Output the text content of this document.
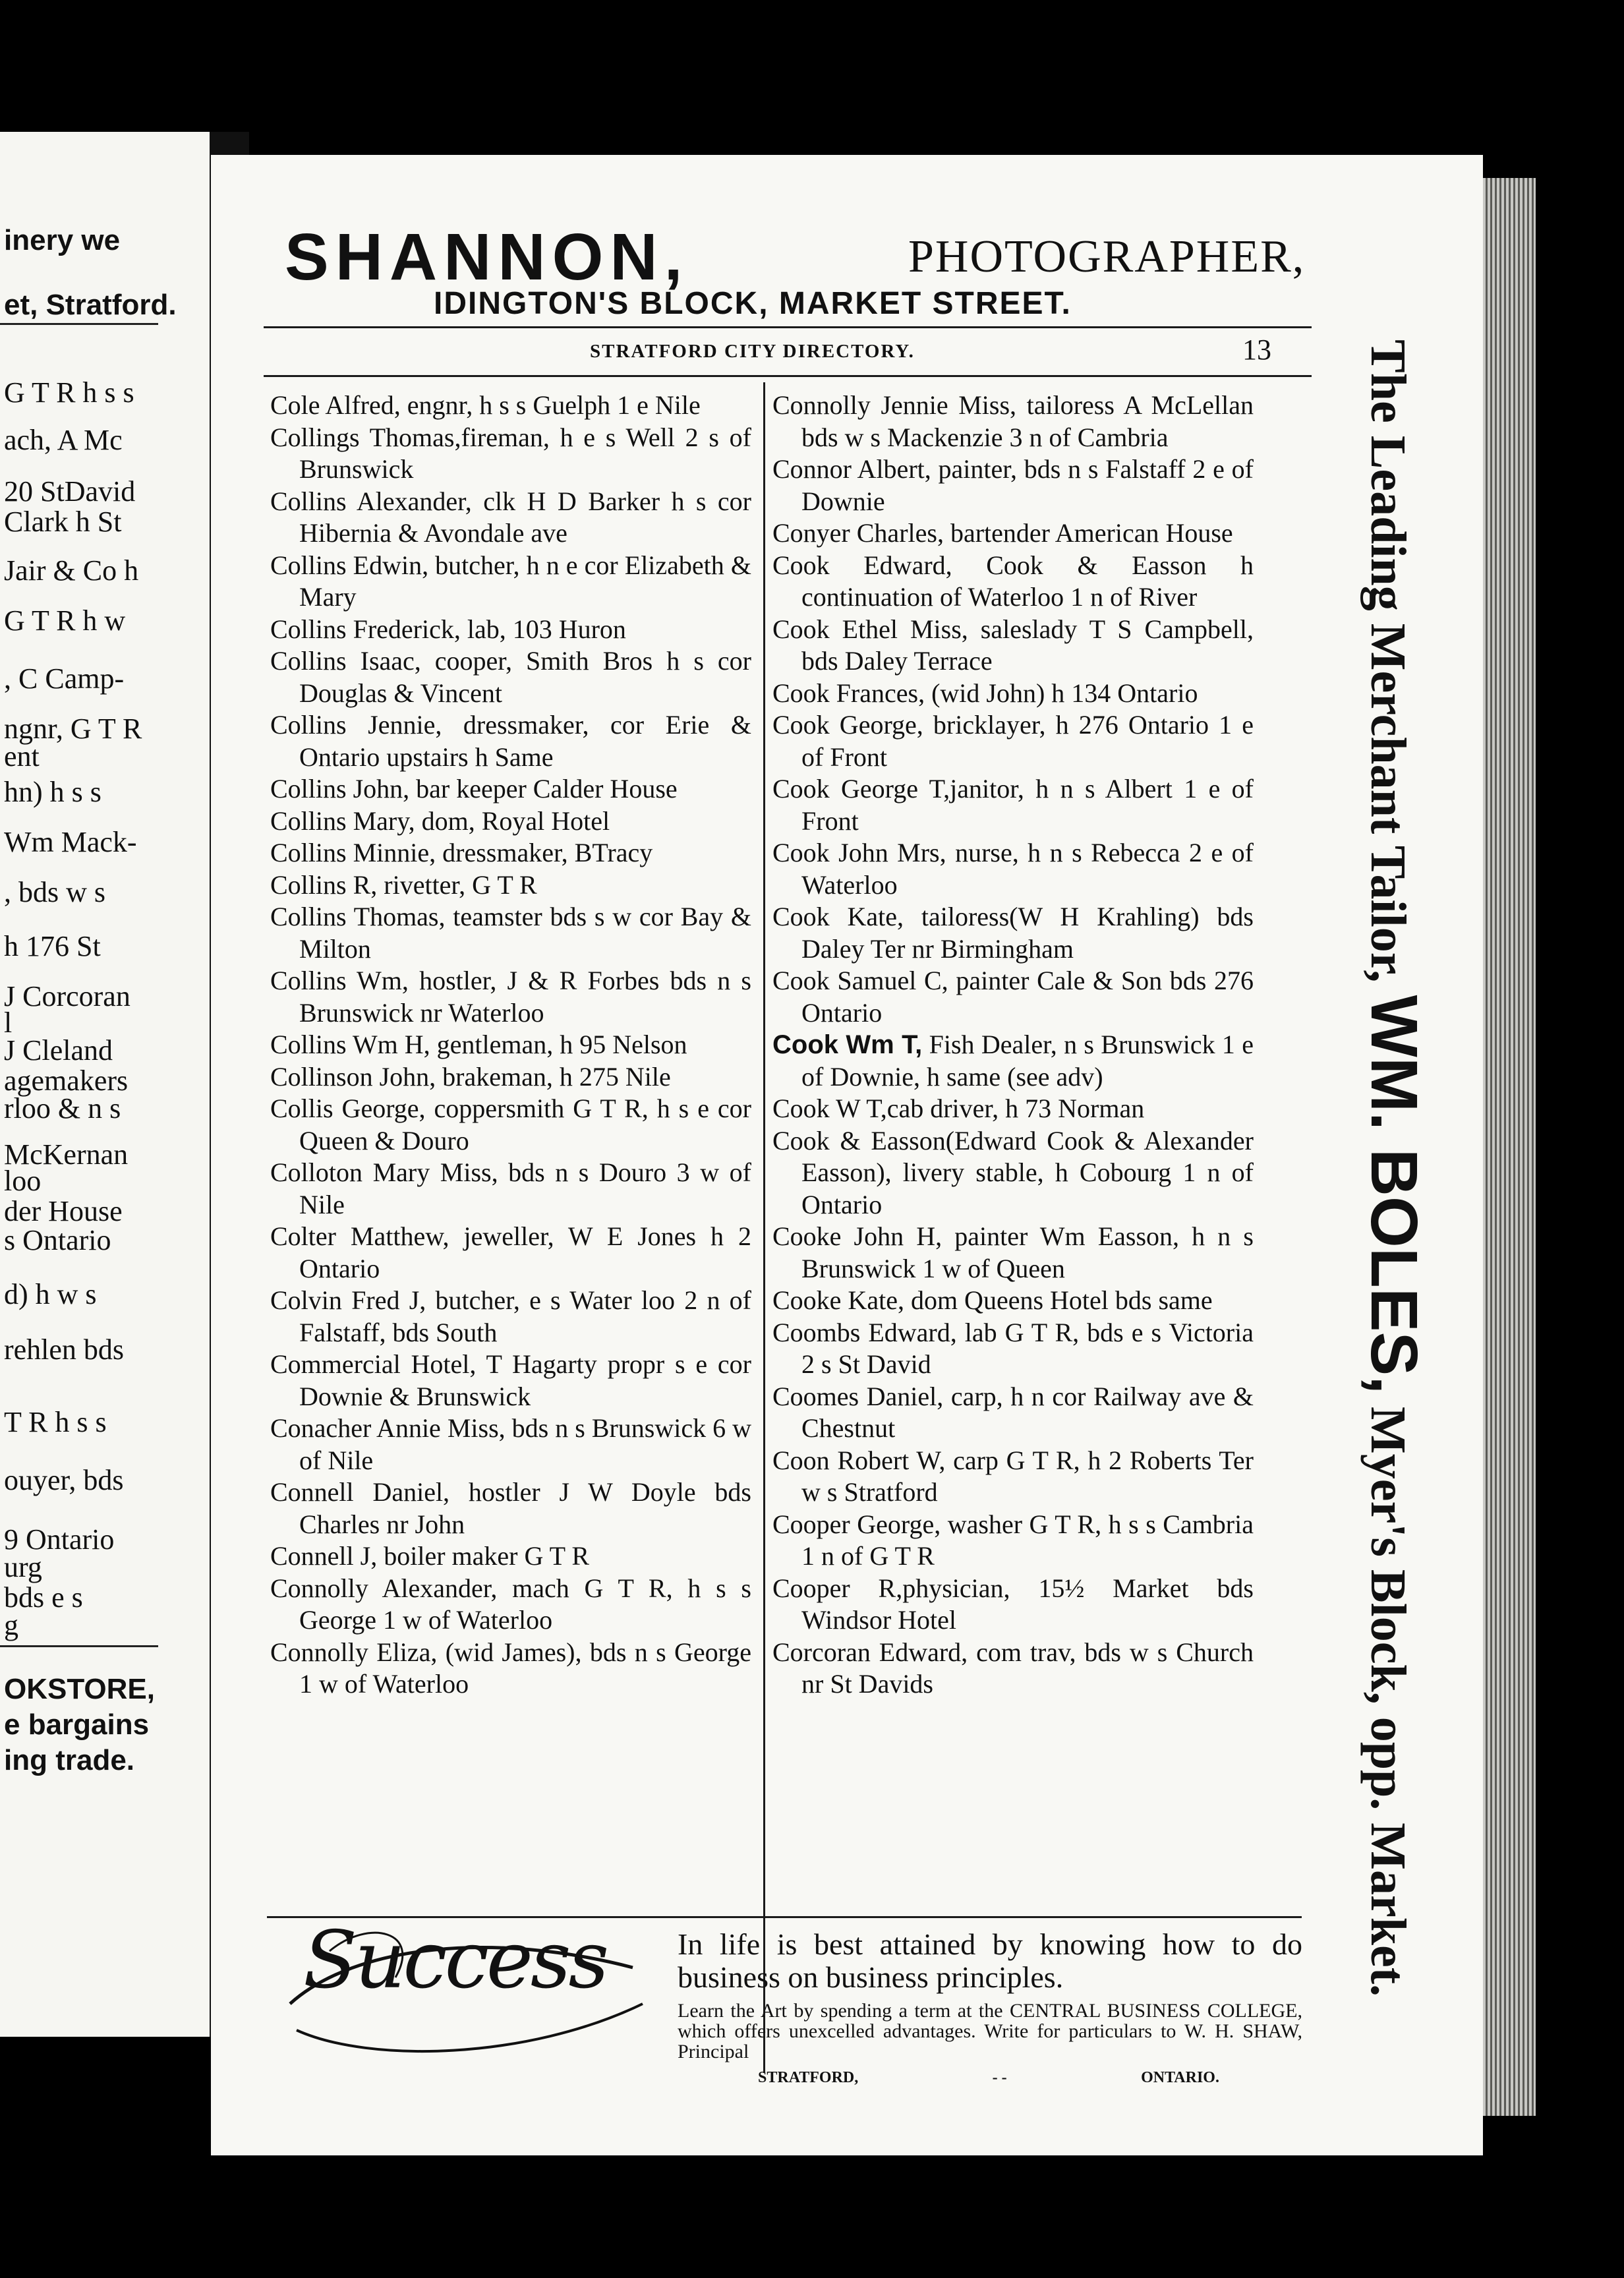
inery we
et, Stratford.
G T R h s s
ach, A Mc
20 StDavid
Clark h St
Jair & Co h
G T R h w
, C Camp-
ngnr, G T R
ent
hn) h s s
Wm Mack-
, bds w s
h 176 St
J Corcoran
l
J Cleland
agemakers
rloo & n s
McKernan
loo
der House
s Ontario
d) h w s
rehlen bds
T R h s s
ouyer, bds
9 Ontario
urg
bds e s
g
OKSTORE,
e bargains
ing trade.
SHANNON,	PHOTOGRAPHER,
IDINGTON'S BLOCK, MARKET STREET.
STRATFORD CITY DIRECTORY.	13
Cole Alfred, engnr, h s s Guelph 1 e Nile
Collings Thomas,fireman, h e s Well 2 s of Brunswick
Collins Alexander, clk H D Barker h s cor Hibernia & Avondale ave
Collins Edwin, butcher, h n e cor Elizabeth & Mary
Collins Frederick, lab, 103 Huron
Collins Isaac, cooper, Smith Bros h s cor Douglas & Vincent
Collins Jennie, dressmaker, cor Erie & Ontario upstairs h Same
Collins John, bar keeper Calder House
Collins Mary, dom, Royal Hotel
Collins Minnie, dressmaker, BTracy
Collins R, rivetter, G T R
Collins Thomas, teamster bds s w cor Bay & Milton
Collins Wm, hostler, J & R Forbes bds n s Brunswick nr Waterloo
Collins Wm H, gentleman, h 95 Nelson
Collinson John, brakeman, h 275 Nile
Collis George, coppersmith G T R, h s e cor Queen & Douro
Colloton Mary Miss, bds n s Douro 3 w of Nile
Colter Matthew, jeweller, W E Jones h 2 Ontario
Colvin Fred J, butcher, e s Water loo 2 n of Falstaff, bds South
Commercial Hotel, T Hagarty propr s e cor Downie & Brunswick
Conacher Annie Miss, bds n s Brunswick 6 w of Nile
Connell Daniel, hostler J W Doyle bds Charles nr John
Connell J, boiler maker G T R
Connolly Alexander, mach G T R, h s s George 1 w of Waterloo
Connolly Eliza, (wid James), bds n s George 1 w of Waterloo
Connolly Jennie Miss, tailoress A McLellan bds w s Mackenzie 3 n of Cambria
Connor Albert, painter, bds n s Falstaff 2 e of Downie
Conyer Charles, bartender American House
Cook Edward, Cook & Easson h continuation of Waterloo 1 n of River
Cook Ethel Miss, saleslady T S Campbell, bds Daley Terrace
Cook Frances, (wid John) h 134 Ontario
Cook George, bricklayer, h 276 Ontario 1 e of Front
Cook George T,janitor, h n s Albert 1 e of Front
Cook John Mrs, nurse, h n s Rebecca 2 e of Waterloo
Cook Kate, tailoress(W H Krahling) bds Daley Ter nr Birmingham
Cook Samuel C, painter Cale & Son bds 276 Ontario
Cook Wm T, Fish Dealer, n s Brunswick 1 e of Downie, h same (see adv)
Cook W T,cab driver, h 73 Norman
Cook & Easson(Edward Cook & Alexander Easson), livery stable, h Cobourg 1 n of Ontario
Cooke John H, painter Wm Easson, h n s Brunswick 1 w of Queen
Cooke Kate, dom Queens Hotel bds same
Coombs Edward, lab G T R, bds e s Victoria 2 s St David
Coomes Daniel, carp, h n cor Railway ave & Chestnut
Coon Robert W, carp G T R, h 2 Roberts Ter w s Stratford
Cooper George, washer G T R, h s s Cambria 1 n of G T R
Cooper R,physician, 15½ Market bds Windsor Hotel
Corcoran Edward, com trav, bds w s Church nr St Davids
The Leading Merchant Tailor, WM. BOLES, Myer's Block, opp. Market.
Success	In life is best attained by knowing how to do business on business principles.
Learn the Art by spending a term at the CENTRAL BUSINESS COLLEGE, which offers unexcelled advantages. Write for particulars to W. H. SHAW, Principal
STRATFORD,	- -	ONTARIO.
